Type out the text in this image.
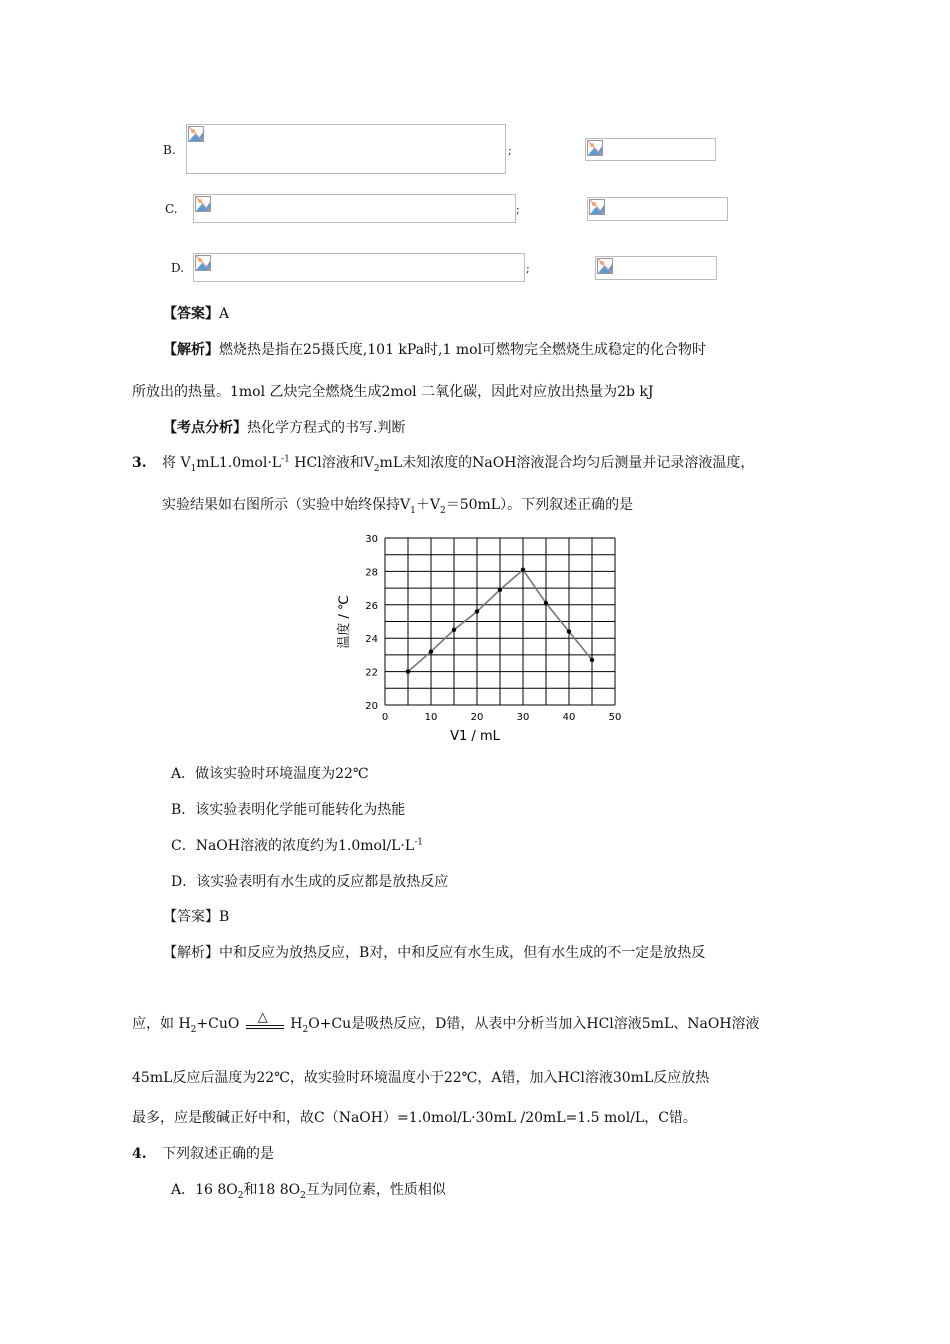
B.	;
C.	;
D.	;
【答案】A
【解析】燃烧热是指在25摄氏度,101 kPa时,1 mol可燃物完全燃烧生成稳定的化合物时
所放出的热量。1mol 乙炔完全燃烧生成2mol 二氧化碳，因此对应放出热量为2b kJ
【考点分析】热化学方程式的书写.判断
3. 将 $V_1mL1.0mol\cdot L^{-1}$ HCl溶液和$V_2mL$未知浓度的NaOH溶液混合均匀后测量并记录溶液温度，
实验结果如右图所示（实验中始终保持$V_1+V_2=50mL$）。下列叙述正确的是
0	10	20	30	40	50
20
22
24
26
28
30
V1 / mL
温度 / ℃
A．做该实验时环境温度为22℃
B．该实验表明化学能可能转化为热能
C．NaOH溶液的浓度约为$1.0mol/L\cdot L^{-1}$
D．该实验表明有水生成的反应都是放热反应
【答案】B
【解析】中和反应为放热反应，B对，中和反应有水生成，但有水生成的不一定是放热反
应，如 $H_2+CuO$ △ $H_2O+Cu$是吸热反应，D错，从表中分析当加入HCl溶液5mL、NaOH溶液
45mL反应后温度为22℃，故实验时环境温度小于22℃，A错，加入HCl溶液30mL反应放热
最多，应是酸碱正好中和，故C（NaOH）=1.0mol/L·30mL /20mL=1.5 mol/L，C错。
4. 下列叙述正确的是
A．16 $8O_2$和18 $8O_2$互为同位素，性质相似
